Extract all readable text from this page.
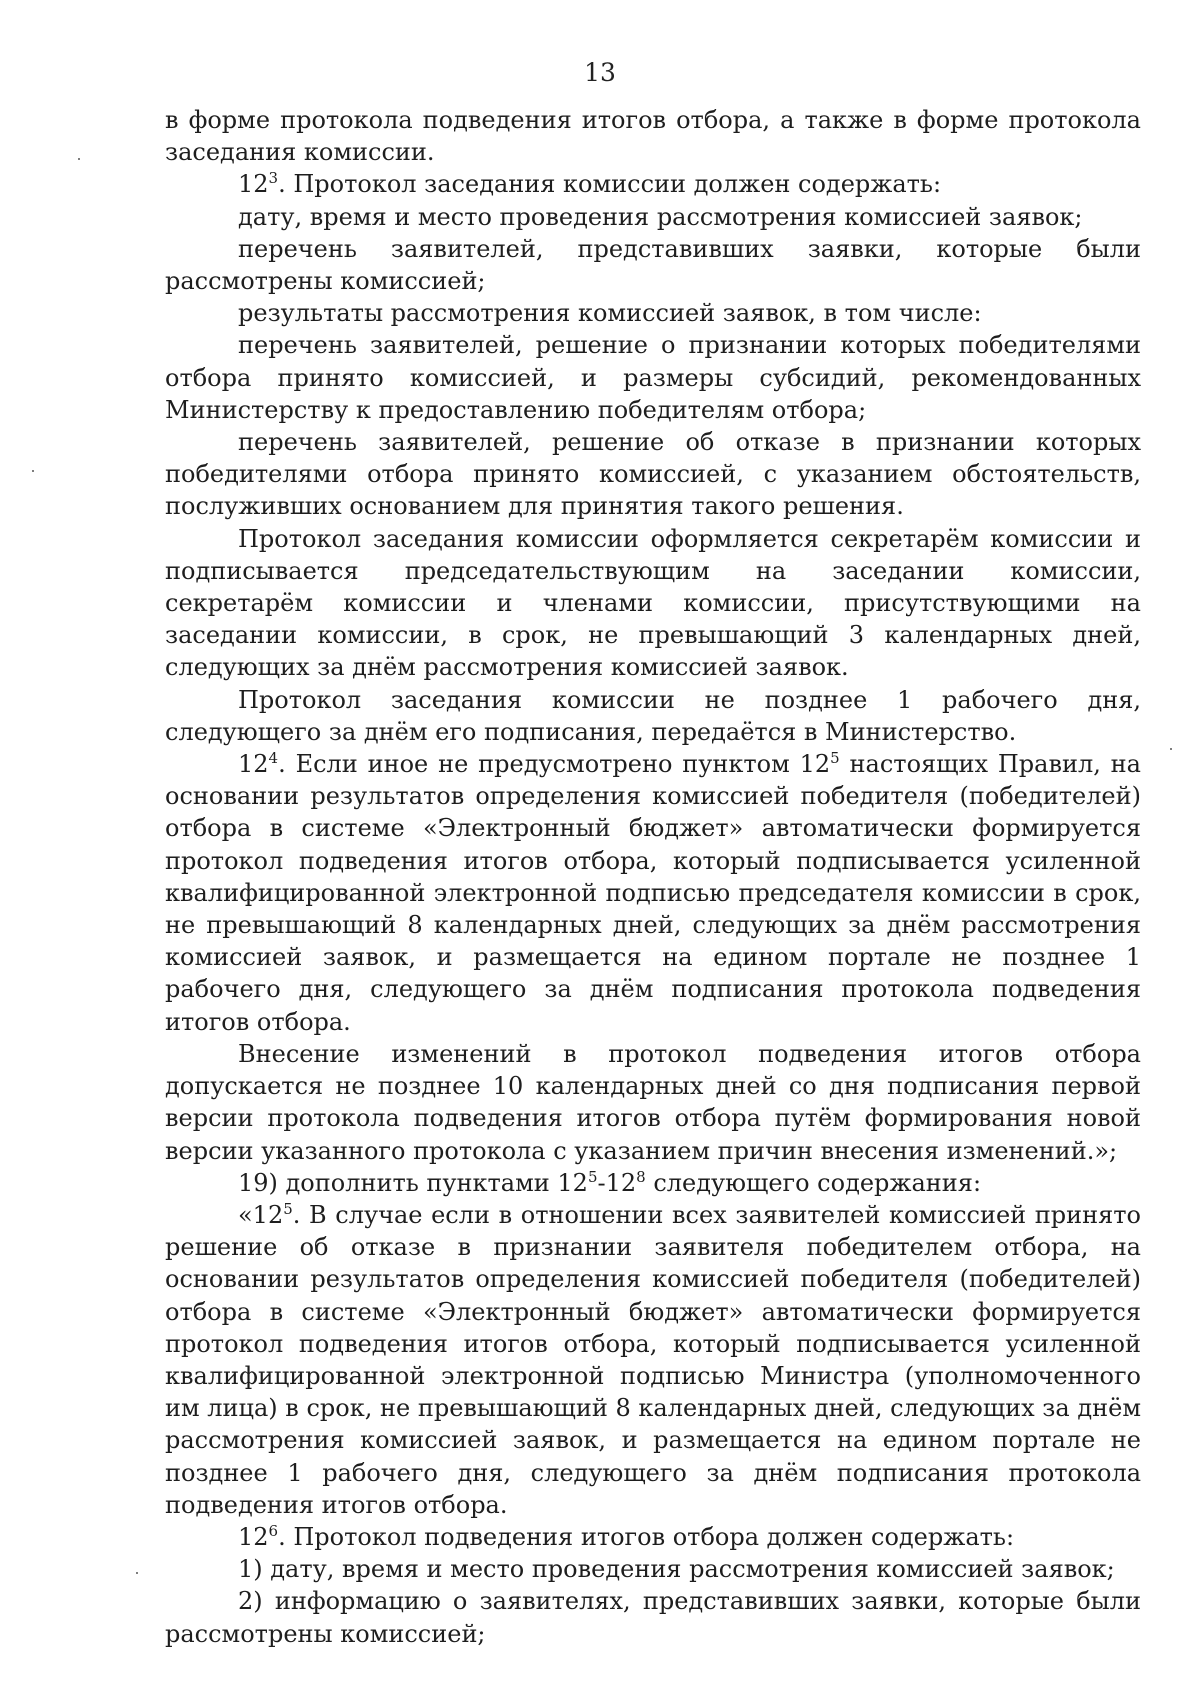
13

в форме протокола подведения итогов отбора, а также в форме протокола заседания комиссии.

$12^3$. Протокол заседания комиссии должен содержать:

дату, время и место проведения рассмотрения комиссией заявок;

перечень заявителей, представивших заявки, которые были рассмотрены комиссией;

результаты рассмотрения комиссией заявок, в том числе:

перечень заявителей, решение о признании которых победителями отбора принято комиссией, и размеры субсидий, рекомендованных Министерству к предоставлению победителям отбора;

перечень заявителей, решение об отказе в признании которых победителями отбора принято комиссией, с указанием обстоятельств, послуживших основанием для принятия такого решения.

Протокол заседания комиссии оформляется секретарём комиссии и подписывается председательствующим на заседании комиссии, секретарём комиссии и членами комиссии, присутствующими на заседании комиссии, в срок, не превышающий 3 календарных дней, следующих за днём рассмотрения комиссией заявок.

Протокол заседания комиссии не позднее 1 рабочего дня, следующего за днём его подписания, передаётся в Министерство.

$12^4$. Если иное не предусмотрено пунктом $12^5$ настоящих Правил, на основании результатов определения комиссией победителя (победителей) отбора в системе «Электронный бюджет» автоматически формируется протокол подведения итогов отбора, который подписывается усиленной квалифицированной электронной подписью председателя комиссии в срок, не превышающий 8 календарных дней, следующих за днём рассмотрения комиссией заявок, и размещается на едином портале не позднее 1 рабочего дня, следующего за днём подписания протокола подведения итогов отбора.

Внесение изменений в протокол подведения итогов отбора допускается не позднее 10 календарных дней со дня подписания первой версии протокола подведения итогов отбора путём формирования новой версии указанного протокола с указанием причин внесения изменений.»;

19) дополнить пунктами $12^5-12^8$ следующего содержания:

«$12^5$. В случае если в отношении всех заявителей комиссией принято решение об отказе в признании заявителя победителем отбора, на основании результатов определения комиссией победителя (победителей) отбора в системе «Электронный бюджет» автоматически формируется протокол подведения итогов отбора, который подписывается усиленной квалифицированной электронной подписью Министра (уполномоченного им лица) в срок, не превышающий 8 календарных дней, следующих за днём рассмотрения комиссией заявок, и размещается на едином портале не позднее 1 рабочего дня, следующего за днём подписания протокола подведения итогов отбора.

$12^6$. Протокол подведения итогов отбора должен содержать:

1) дату, время и место проведения рассмотрения комиссией заявок;

2) информацию о заявителях, представивших заявки, которые были рассмотрены комиссией;
